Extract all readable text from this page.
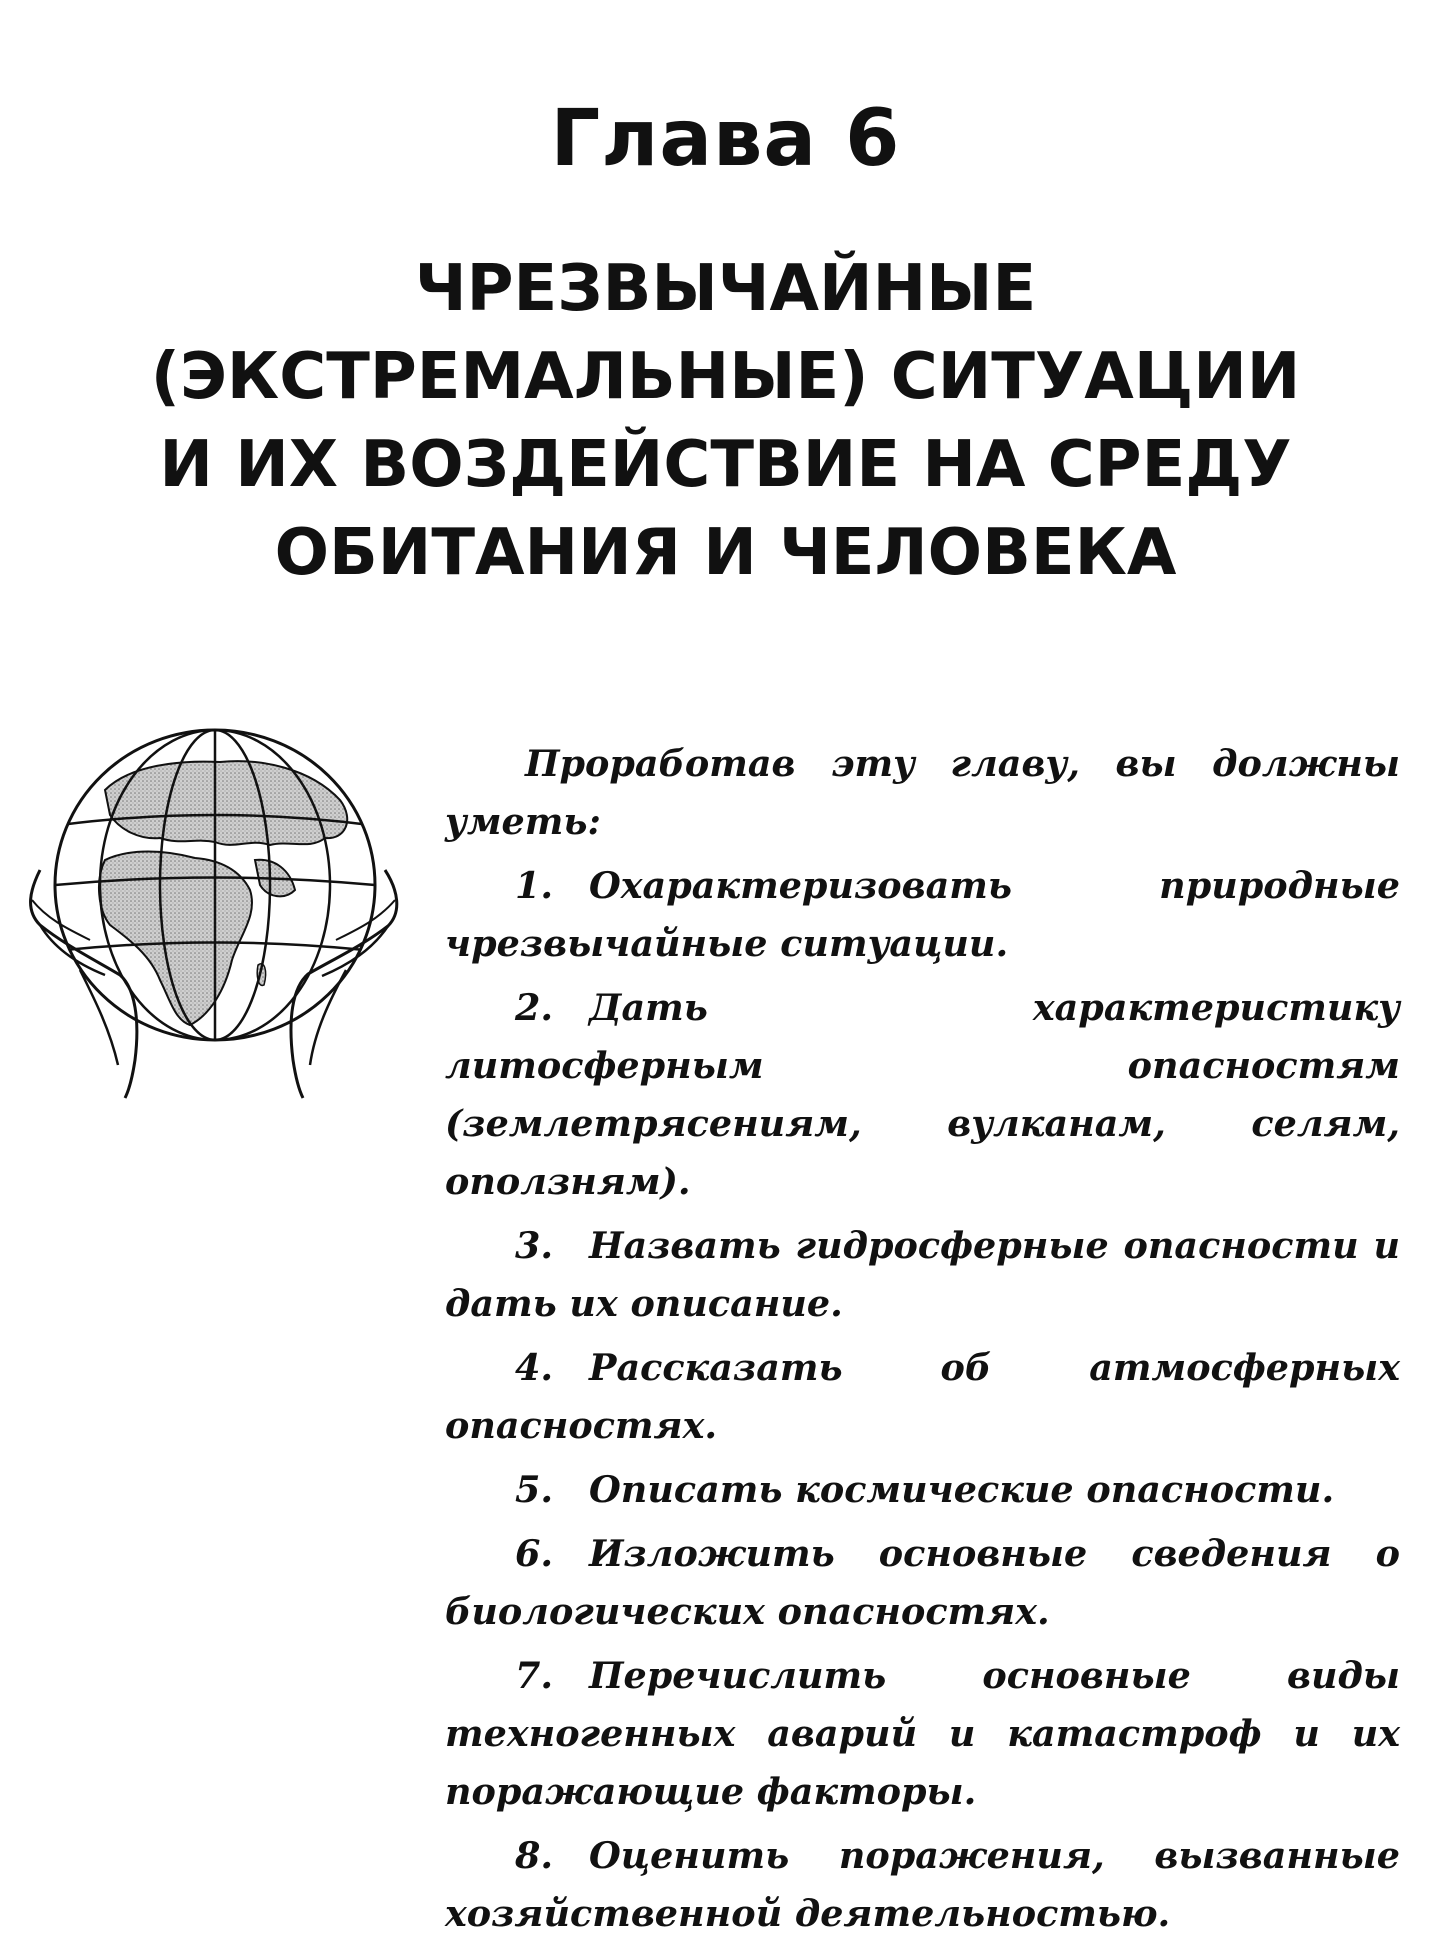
Глава 6
ЧРЕЗВЫЧАЙНЫЕ
(ЭКСТРЕМАЛЬНЫЕ) СИТУАЦИИ
И ИХ ВОЗДЕЙСТВИЕ НА СРЕДУ
ОБИТАНИЯ И ЧЕЛОВЕКА

Проработав эту главу, вы должны уметь:

1. Охарактеризовать природные чрезвычайные ситуации.

2. Дать характеристику литосферным опасностям (землетрясениям, вулканам, селям, оползням).

3. Назвать гидросферные опасности и дать их описание.

4. Рассказать об атмосферных опасностях.

5. Описать космические опасности.

6. Изложить основные сведения о биологических опасностях.

7. Перечислить основные виды техногенных аварий и катастроф и их поражающие факторы.

8. Оценить поражения, вызванные хозяйственной деятельностью.
